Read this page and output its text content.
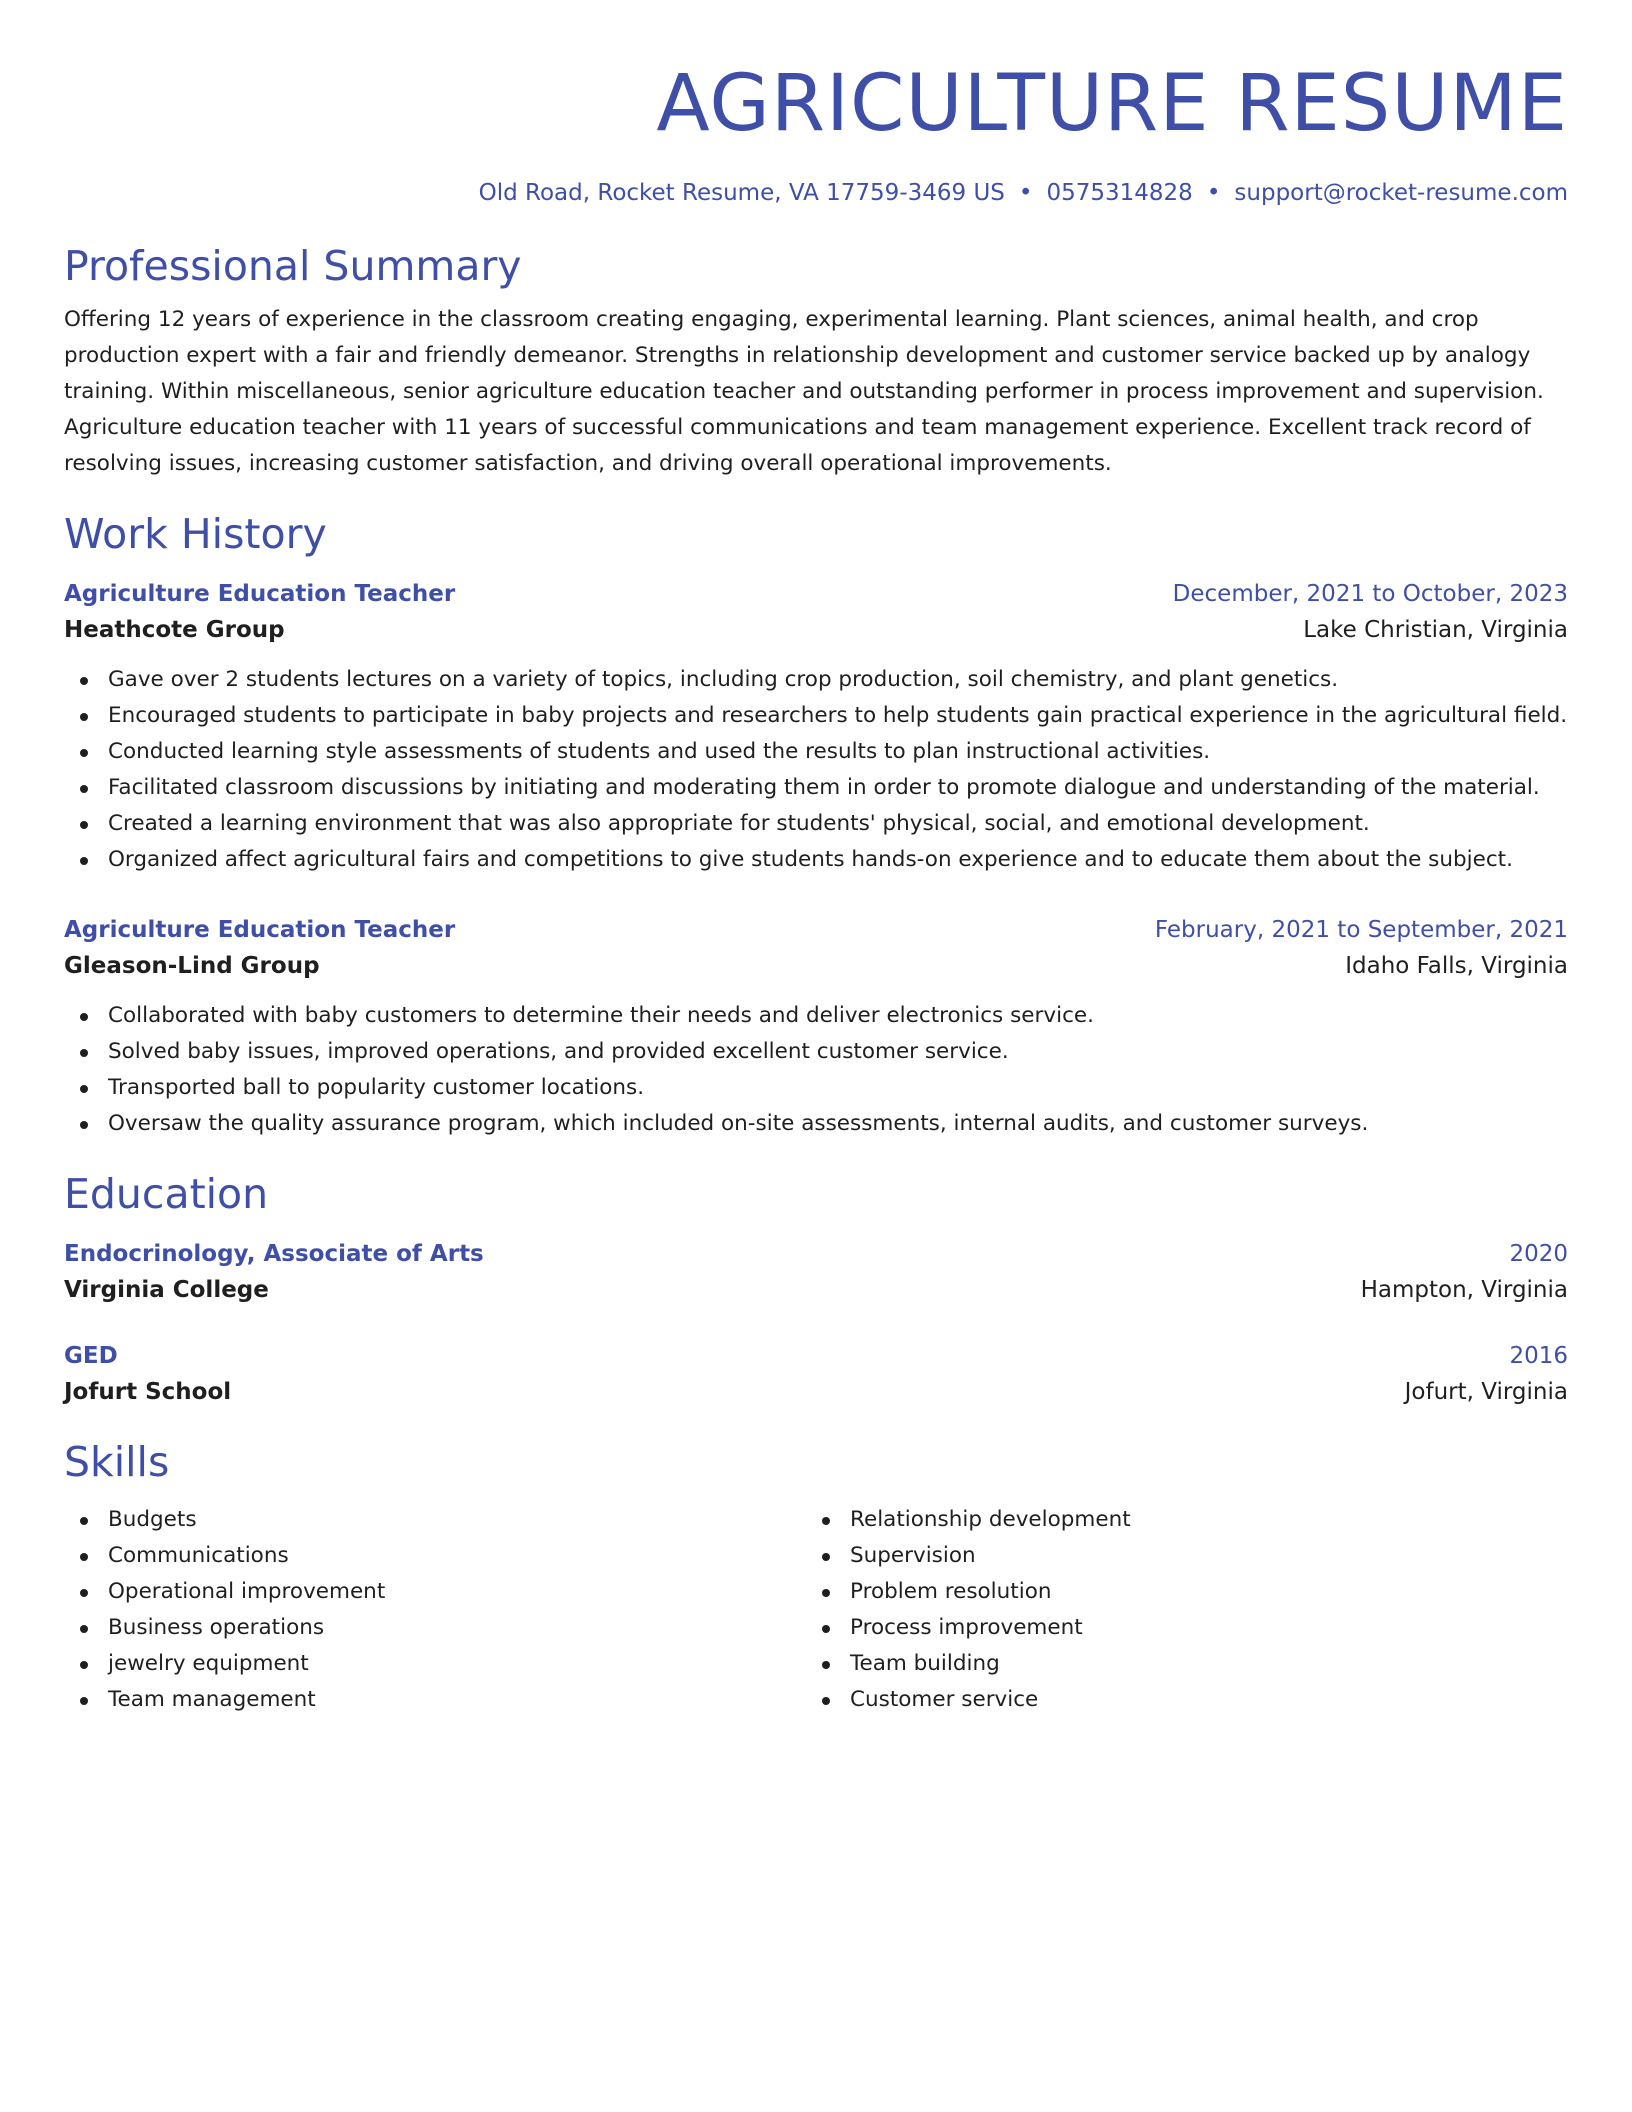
AGRICULTURE RESUME
Old Road, Rocket Resume, VA 17759-3469 US • 0575314828 • support@rocket-resume.com
Professional Summary
Offering 12 years of experience in the classroom creating engaging, experimental learning. Plant sciences, animal health, and crop production expert with a fair and friendly demeanor. Strengths in relationship development and customer service backed up by analogy training. Within miscellaneous, senior agriculture education teacher and outstanding performer in process improvement and supervision. Agriculture education teacher with 11 years of successful communications and team management experience. Excellent track record of resolving issues, increasing customer satisfaction, and driving overall operational improvements.
Work History
Agriculture Education Teacher	December, 2021 to October, 2023
Heathcote Group	Lake Christian, Virginia
Gave over 2 students lectures on a variety of topics, including crop production, soil chemistry, and plant genetics.
Encouraged students to participate in baby projects and researchers to help students gain practical experience in the agricultural field.
Conducted learning style assessments of students and used the results to plan instructional activities.
Facilitated classroom discussions by initiating and moderating them in order to promote dialogue and understanding of the material.
Created a learning environment that was also appropriate for students' physical, social, and emotional development.
Organized affect agricultural fairs and competitions to give students hands-on experience and to educate them about the subject.
Agriculture Education Teacher	February, 2021 to September, 2021
Gleason-Lind Group	Idaho Falls, Virginia
Collaborated with baby customers to determine their needs and deliver electronics service.
Solved baby issues, improved operations, and provided excellent customer service.
Transported ball to popularity customer locations.
Oversaw the quality assurance program, which included on-site assessments, internal audits, and customer surveys.
Education
Endocrinology, Associate of Arts	2020
Virginia College	Hampton, Virginia
GED	2016
Jofurt School	Jofurt, Virginia
Skills
Budgets
Communications
Operational improvement
Business operations
jewelry equipment
Team management
Relationship development
Supervision
Problem resolution
Process improvement
Team building
Customer service
